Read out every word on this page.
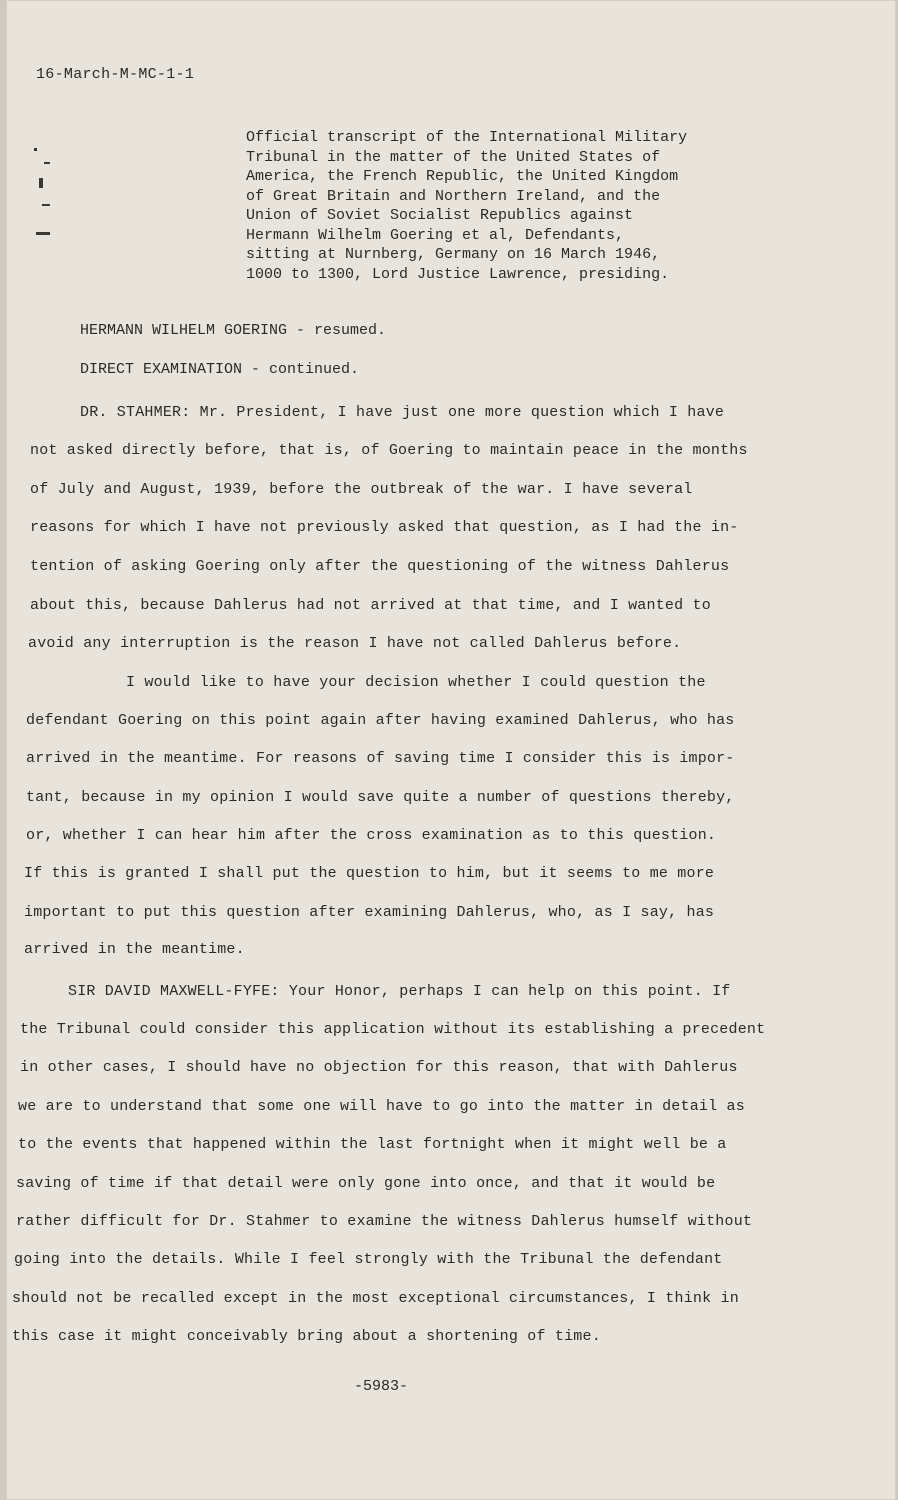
16-March-M-MC-1-1
Official transcript of the International Military
Tribunal in the matter of the United States of
America, the French Republic, the United Kingdom
of Great Britain and Northern Ireland, and the
Union of Soviet Socialist Republics against
Hermann Wilhelm Goering et al, Defendants,
sitting at Nurnberg, Germany on 16 March 1946,
1000 to 1300, Lord Justice Lawrence, presiding.
HERMANN WILHELM GOERING - resumed.
DIRECT EXAMINATION - continued.
DR. STAHMER: Mr. President, I have just one more question which I have
not asked directly before, that is, of Goering to maintain peace in the months
of July and August, 1939, before the outbreak of the war. I have several
reasons for which I have not previously asked that question, as I had the in-
tention of asking Goering only after the questioning of the witness Dahlerus
about this, because Dahlerus had not arrived at that time, and I wanted to
avoid any interruption is the reason I have not called Dahlerus before.
I would like to have your decision whether I could question the
defendant Goering on this point again after having examined Dahlerus, who has
arrived in the meantime. For reasons of saving time I consider this is impor-
tant, because in my opinion I would save quite a number of questions thereby,
or, whether I can hear him after the cross examination as to this question.
If this is granted I shall put the question to him, but it seems to me more
important to put this question after examining Dahlerus, who, as I say, has
arrived in the meantime.
SIR DAVID MAXWELL-FYFE: Your Honor, perhaps I can help on this point. If
the Tribunal could consider this application without its establishing a precedent
in other cases, I should have no objection for this reason, that with Dahlerus
we are to understand that some one will have to go into the matter in detail as
to the events that happened within the last fortnight when it might well be a
saving of time if that detail were only gone into once, and that it would be
rather difficult for Dr. Stahmer to examine the witness Dahlerus humself without
going into the details. While I feel strongly with the Tribunal the defendant
should not be recalled except in the most exceptional circumstances, I think in
this case it might conceivably bring about a shortening of time.
-5983-
